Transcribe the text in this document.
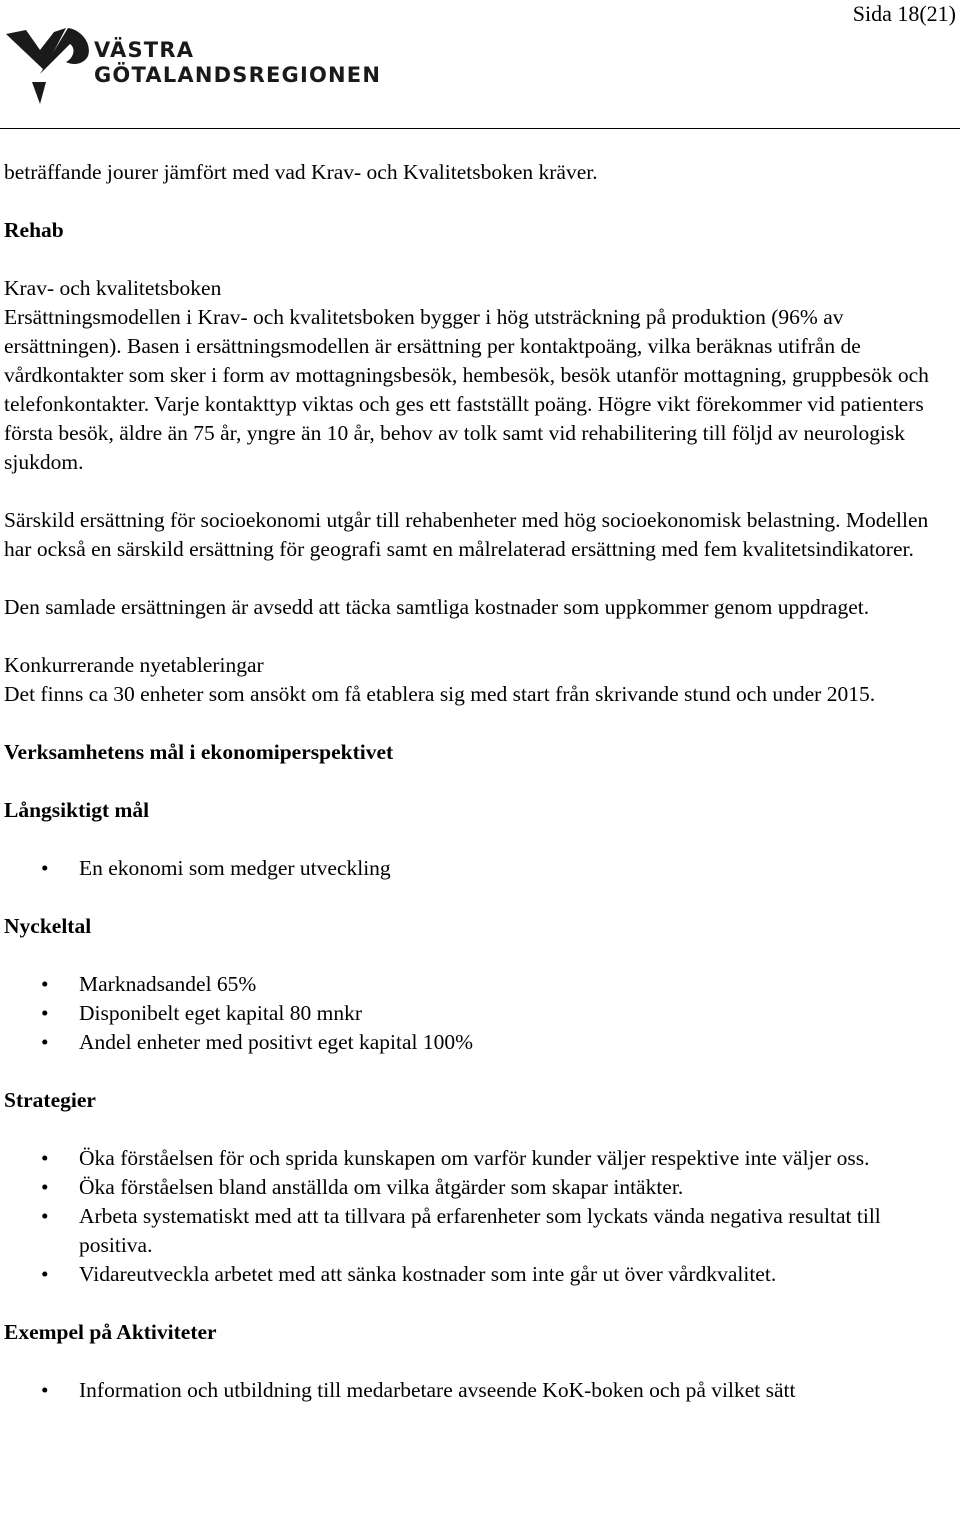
Sida 18(21)
VÄSTRA
GÖTALANDSREGIONEN

beträffande jourer jämfört med vad Krav- och Kvalitetsboken kräver.

Rehab

Krav- och kvalitetsboken

Ersättningsmodellen i Krav- och kvalitetsboken bygger i hög utsträckning på produktion (96% av ersättningen). Basen i ersättningsmodellen är ersättning per kontaktpoäng, vilka beräknas utifrån de vårdkontakter som sker i form av mottagningsbesök, hembesök, besök utanför mottagning, gruppbesök och telefonkontakter. Varje kontakttyp viktas och ges ett fastställt poäng. Högre vikt förekommer vid patienters första besök, äldre än 75 år, yngre än 10 år, behov av tolk samt vid rehabilitering till följd av neurologisk sjukdom.

Särskild ersättning för socioekonomi utgår till rehabenheter med hög socioekonomisk belastning. Modellen har också en särskild ersättning för geografi samt en målrelaterad ersättning med fem kvalitetsindikatorer.

Den samlade ersättningen är avsedd att täcka samtliga kostnader som uppkommer genom uppdraget.

Konkurrerande nyetableringar

Det finns ca 30 enheter som ansökt om få etablera sig med start från skrivande stund och under 2015.

Verksamhetens mål i ekonomiperspektivet

Långsiktigt mål

• En ekonomi som medger utveckling

Nyckeltal

• Marknadsandel 65%
• Disponibelt eget kapital 80 mnkr
• Andel enheter med positivt eget kapital 100%

Strategier

• Öka förståelsen för och sprida kunskapen om varför kunder väljer respektive inte väljer oss.
• Öka förståelsen bland anställda om vilka åtgärder som skapar intäkter.
• Arbeta systematiskt med att ta tillvara på erfarenheter som lyckats vända negativa resultat till positiva.
• Vidareutveckla arbetet med att sänka kostnader som inte går ut över vårdkvalitet.

Exempel på Aktiviteter

• Information och utbildning till medarbetare avseende KoK-boken och på vilket sätt
